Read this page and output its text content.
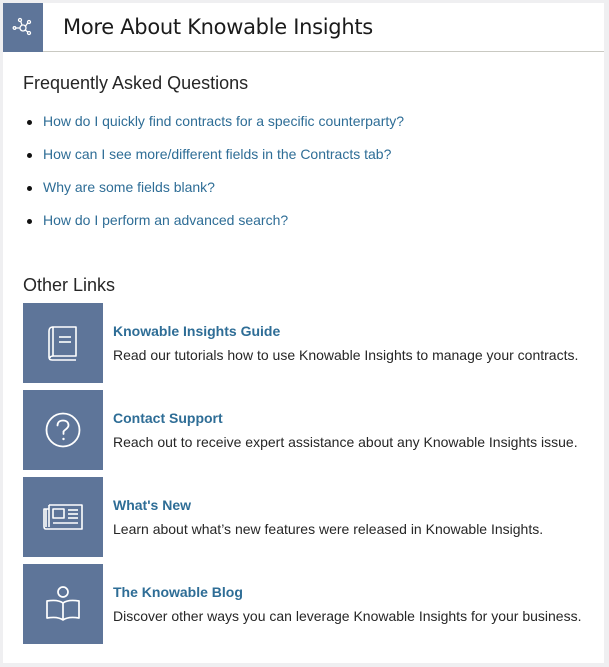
More About Knowable Insights
Frequently Asked Questions
How do I quickly find contracts for a specific counterparty?
How can I see more/different fields in the Contracts tab?
Why are some fields blank?
How do I perform an advanced search?
Other Links
Knowable Insights Guide
Read our tutorials how to use Knowable Insights to manage your contracts.
Contact Support
Reach out to receive expert assistance about any Knowable Insights issue.
What's New
Learn about what’s new features were released in Knowable Insights.
The Knowable Blog
Discover other ways you can leverage Knowable Insights for your business.
